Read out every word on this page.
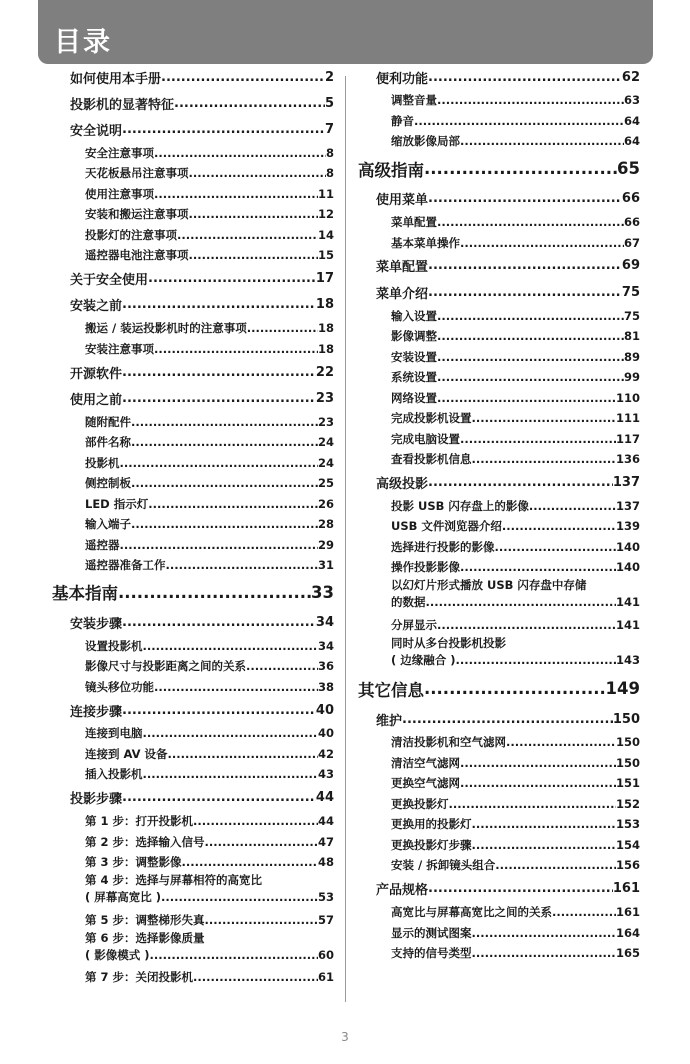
目录
如何使用本手册 .....	2
投影机的显著特征 .....	5
安全说明 .....	7
安全注意事项 .....	8
天花板悬吊注意事项 .....	8
使用注意事项 .....	11
安装和搬运注意事项 .....	12
投影灯的注意事项 .....	14
遥控器电池注意事项 .....	15
关于安全使用 .....	17
安装之前 .....	18
搬运 / 装运投影机时的注意事项 .....	18
安装注意事项 .....	18
开源软件 .....	22
使用之前 .....	23
随附配件 .....	23
部件名称 .....	24
投影机 .....	24
侧控制板 .....	25
LED 指示灯 .....	26
输入端子 .....	28
遥控器 .....	29
遥控器准备工作 .....	31
基本指南 .....	33
安装步骤 .....	34
设置投影机 .....	34
影像尺寸与投影距离之间的关系 .....	36
镜头移位功能 .....	38
连接步骤 .....	40
连接到电脑 .....	40
连接到 AV 设备 .....	42
插入投影机 .....	43
投影步骤 .....	44
第 1 步：打开投影机 .....	44
第 2 步：选择输入信号 .....	47
第 3 步：调整影像 .....	48
第 4 步：选择与屏幕相符的高宽比
( 屏幕高宽比 ) .....	53
第 5 步：调整梯形失真 .....	57
第 6 步：选择影像质量
( 影像模式 ) .....	60
第 7 步：关闭投影机 .....	61
便利功能 .....	62
调整音量 .....	63
静音 .....	64
缩放影像局部 .....	64
高级指南 .....	65
使用菜单 .....	66
菜单配置 .....	66
基本菜单操作 .....	67
菜单配置 .....	69
菜单介绍 .....	75
输入设置 .....	75
影像调整 .....	81
安装设置 .....	89
系统设置 .....	99
网络设置 .....	110
完成投影机设置 .....	111
完成电脑设置 .....	117
查看投影机信息 .....	136
高级投影 .....	137
投影 USB 闪存盘上的影像 .....	137
USB 文件浏览器介绍 .....	139
选择进行投影的影像 .....	140
操作投影影像 .....	140
以幻灯片形式播放 USB 闪存盘中存储
的数据 .....	141
分屏显示 .....	141
同时从多台投影机投影
( 边缘融合 ) .....	143
其它信息 .....	149
维护 .....	150
清洁投影机和空气滤网 .....	150
清洁空气滤网 .....	150
更换空气滤网 .....	151
更换投影灯 .....	152
更换用的投影灯 .....	153
更换投影灯步骤 .....	154
安装 / 拆卸镜头组合 .....	156
产品规格 .....	161
高宽比与屏幕高宽比之间的关系 .....	161
显示的测试图案 .....	164
支持的信号类型 .....	165
3
